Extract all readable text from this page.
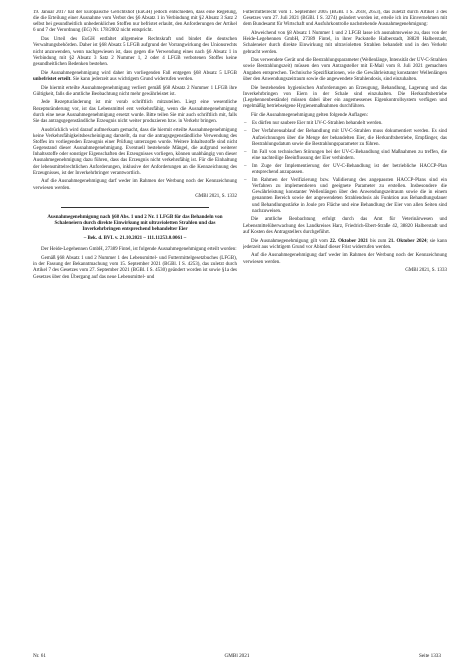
19. Januar 2017 hat der Europäische Gerichtshof (EuGH) jedoch entschieden, dass eine Regelung, die die Erteilung einer Ausnahme vom Verbot des §6 Absatz 1 in Verbindung mit §2 Absatz 3 Satz 2 selbst bei gesundheitlich unbedenklichen Stoffen nur befristet erlaubt, den Anforderungen der Artikel 6 und 7 der Verordnung (EG) Nr. 178/2002 nicht entspricht.

Das Urteil des EuGH entfaltet allgemeine Rechtskraft und bindet die deutschen Verwaltungsbehörden. Daher ist §68 Absatz 5 LFGB aufgrund der Vorrangwirkung des Unionsrechts nicht anzuwenden, wenn nachgewiesen ist, dass gegen die Verwendung eines nach §6 Absatz 1 in Verbindung mit §2 Absatz 3 Satz 2 Nummer 1, 2 oder 4 LFGB verbotenen Stoffes keine gesundheitlichen Bedenken bestehen.

Die Ausnahmegenehmigung wird daher im vorliegenden Fall entgegen §68 Absatz 5 LFGB unbefristet erteilt. Sie kann jederzeit aus wichtigem Grund widerrufen werden.

Die hiermit erteilte Ausnahmegenehmigung verliert gemäß §68 Absatz 2 Nummer 1 LFGB ihre Gültigkeit, falls die amtliche Beobachtung nicht mehr gewährleistet ist.

Jede Rezepturänderung ist mir vorab schriftlich mitzuteilen. Liegt eine wesentliche Rezepturänderung vor, ist das Lebensmittel erst verkehrsfähig, wenn die Ausnahmegenehmigung durch eine neue Ausnahmegenehmigung ersetzt wurde. Bitte teilen Sie mir auch schriftlich mit, falls Sie das antragsgegenständliche Erzeugnis nicht weiter produzieren bzw. in Verkehr bringen.

Ausdrücklich wird darauf aufmerksam gemacht, dass die hiermit erteilte Ausnahmegenehmigung keine Verkehrsfähigkeitsbescheinigung darstellt, da nur die antragsgegenständliche Verwendung des Stoffes im vorliegenden Erzeugnis einer Prüfung unterzogen wurde. Weitere Inhaltsstoffe sind nicht Gegenstand dieser Ausnahmegenehmigung. Eventuell bestehende Mängel, die aufgrund weiterer Inhaltsstoffe oder sonstiger Eigenschaften des Erzeugnisses vorliegen, können unabhängig von dieser Ausnahmegenehmigung dazu führen, dass das Erzeugnis nicht verkehrsfähig ist. Für die Einhaltung der lebensmittelrechtlichen Anforderungen, inklusive der Anforderungen an die Kennzeichnung des Erzeugnisses, ist der Inverkehrbringer verantwortlich.

Auf die Ausnahmegenehmigung darf weder im Rahmen der Werbung noch der Kennzeichnung verwiesen werden.

GMBl 2021, S. 1332
Ausnahmegenehmigung nach §68 Abs. 1 und 2 Nr. 1 LFGB für das Behandeln von Schaleneiern durch direkte Einwirkung mit ultravioletten Strahlen und das Inverkehrbringen entsprechend behandelter Eier
– Bek. d. BVL v. 21.10.2021 – 111.11253.0.0061 –

Der Heide-Legehennen GmbH, 27389 Fintel, ist folgende Ausnahmegenehmigung erteilt worden:

Gemäß §68 Absatz 1 und 2 Nummer 1 des Lebensmittel- und Futtermittelgesetzbuches (LFGB), in der Fassung der Bekanntmachung vom 15. September 2021 (BGBl. I S. 4253), das zuletzt durch Artikel 7 des Gesetzes vom 27. September 2021 (BGBl. I S. 4530) geändert worden ist sowie §1a des Gesetzes über den Übergang auf das neue Lebensmittel- und

Futtermittelrecht vom 1. September 2005 (BGBl. I S. 2618, 2653), das zuletzt durch Artikel 3 des Gesetzes vom 27. Juli 2021 (BGBl. I S. 3274) geändert worden ist, erteile ich im Einvernehmen mit dem Bundesamt für Wirtschaft und Ausfuhrkontrolle nachstehende Ausnahmegenehmigung:

Abweichend von §8 Absatz 1 Nummer 1 und 2 LFGB lasse ich ausnahmsweise zu, dass von der Heide-Legehennen GmbH, 27389 Fintel, in ihrer Packstelle Halberstadt, 38820 Halberstadt, Schaleneier durch direkte Einwirkung mit ultravioletten Strahlen behandelt und in den Verkehr gebracht werden.

Das verwendete Gerät und die Bestrahlungsparameter (Wellenlänge, Intensität der UV-C-Strahlen sowie Bestrahlungszeit) müssen den vom Antragsteller mit E-Mail vom 8. Juli 2021 gemachten Angaben entsprechen. Technische Spezifikationen, wie die Gewährleistung konstanter Wellenlängen über den Anwendungszeitraum sowie die angewendete Strahlendosis, sind einzuhalten.

Die bestehenden hygienischen Anforderungen an Erzeugung, Behandlung, Lagerung und das Inverkehrbringen von Eiern in der Schale sind einzuhalten. Die Herkunftsbetriebe (Legehennenbestände) müssen dabei über ein angemessenes Eigenkontrollsystem verfügen und regelmäßig betriebseigene Hygienemaßnahmen durchführen.

Für die Ausnahmegenehmigung gelten folgende Auflagen:

– Es dürfen nur saubere Eier mit UV-C-Strahlen behandelt werden.
– Der Verfahrensablauf der Behandlung mit UV-C-Strahlen muss dokumentiert werden. Es sind Aufzeichnungen über die Menge der behandelten Eier, die Herkunftsbetriebe, Empfänger, das Bestrahlungsdatum sowie die Bestrahlungsparameter zu führen.
– Im Fall von technischen Störungen bei der UV-C-Behandlung sind Maßnahmen zu treffen, die eine nachteilige Beeinflussung der Eier verhindern.
– Im Zuge der Implementierung der UV-C-Behandlung ist der betriebliche HACCP-Plan entsprechend anzupassen.
– Im Rahmen der Verifizierung bzw. Validierung des angepassten HACCP-Plans sind ein Verfahren zu implementieren und geeignete Parameter zu erstellen. Insbesondere die Gewährleistung konstanter Wellenlängen über den Anwendungszeitraum sowie die in einem genannten Bereich sowie der angewendeten Strahlendosis als Funktion aus Behandlungsdauer und Behandlungsstärke in Joule pro Fläche und eine Behandlung der Eier von allen Seiten sind nachzuweisen.

Die amtliche Beobachtung erfolgt durch das Amt für Veterinärwesen und Lebensmittelüberwachung des Landkreises Harz, Friedrich-Ebert-Straße 42, 38820 Halberstadt und auf Kosten des Antragstellers durchgeführt.

Die Ausnahmegenehmigung gilt vom 22. Oktober 2021 bis zum 21. Oktober 2024; sie kann jederzeit aus wichtigem Grund vor Ablauf dieser Frist widerrufen werden.

Auf die Ausnahmegenehmigung darf weder im Rahmen der Werbung noch der Kennzeichnung verwiesen werden.

GMBl 2021, S. 1333
Nr. 61	GMBl 2021	Seite 1333
